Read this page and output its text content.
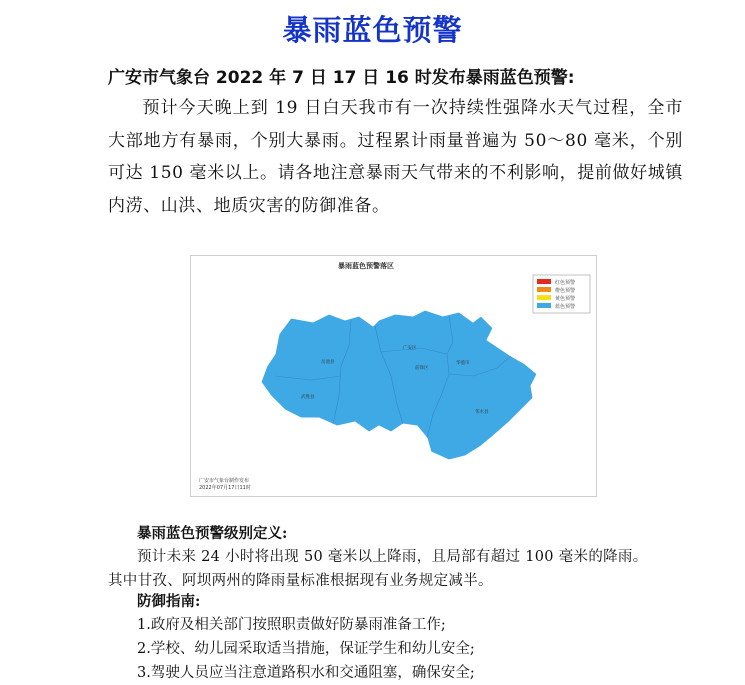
暴雨蓝色预警
广安市气象台 2022 年 7 日 17 日 16 时发布暴雨蓝色预警:
预计今天晚上到 19 日白天我市有一次持续性强降水天气过程，全市大部地方有暴雨，个别大暴雨。过程累计雨量普遍为 50～80 毫米，个别可达 150 毫米以上。请各地注意暴雨天气带来的不利影响，提前做好城镇内涝、山洪、地质灾害的防御准备。
暴雨蓝色预警落区
红色预警
橙色预警
黄色预警
蓝色预警
岳池县
广安区
前锋区
华蓥市
武胜县
邻水县
广安市气象台制作发布
2022年07月17日11时
暴雨蓝色预警级别定义:
预计未来 24 小时将出现 50 毫米以上降雨，且局部有超过 100 毫米的降雨。
其中甘孜、阿坝两州的降雨量标准根据现有业务规定减半。
防御指南:
1.政府及相关部门按照职责做好防暴雨准备工作;
2.学校、幼儿园采取适当措施，保证学生和幼儿安全;
3.驾驶人员应当注意道路积水和交通阻塞，确保安全;
